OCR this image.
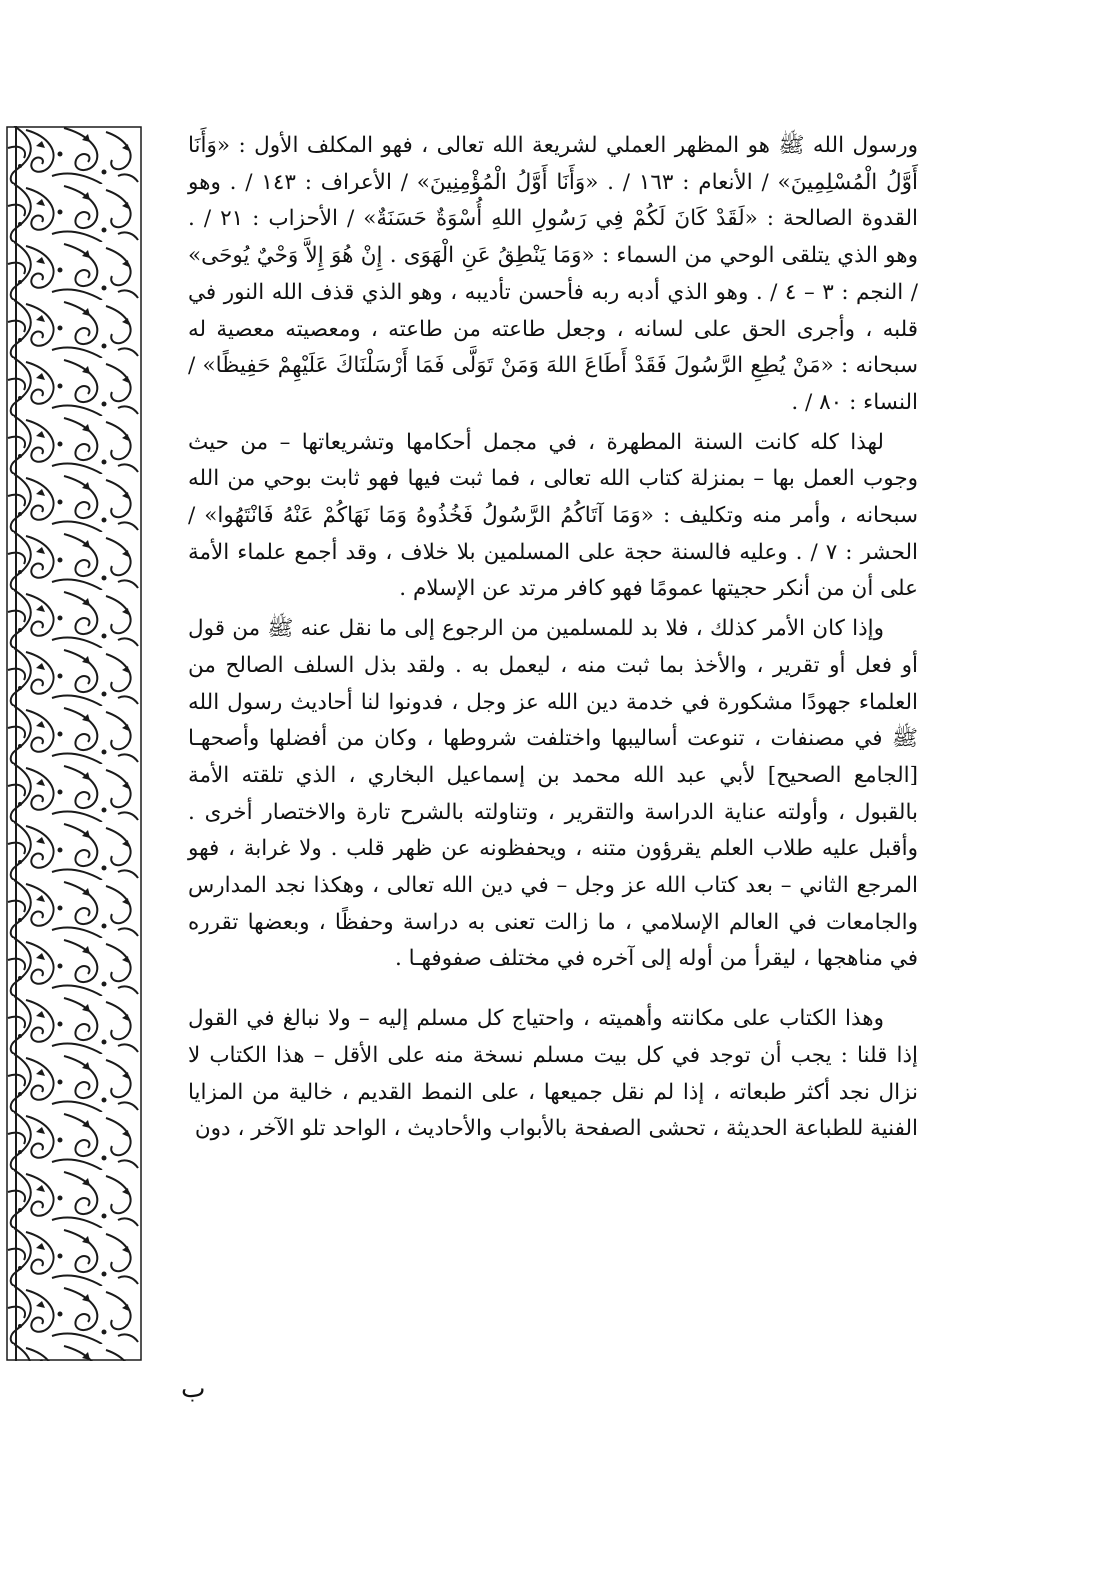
ورسول الله ﷺ هو المظهر العملي لشريعة الله تعالى ، فهو المكلف الأول : «وَأَنَا أَوَّلُ الْمُسْلِمِينَ» / الأنعام : ١٦٣ / . «وَأَنَا أَوَّلُ الْمُؤْمِنِينَ» / الأعراف : ١٤٣ / . وهو القدوة الصالحة : «لَقَدْ كَانَ لَكُمْ فِي رَسُولِ اللهِ أُسْوَةٌ حَسَنَةٌ» / الأحزاب : ٢١ / . وهو الذي يتلقى الوحي من السماء : «وَمَا يَنْطِقُ عَنِ الْهَوَى . إِنْ هُوَ إِلاَّ وَحْيٌ يُوحَى» / النجم : ٣ – ٤ / . وهو الذي أدبه ربه فأحسن تأديبه ، وهو الذي قذف الله النور في قلبه ، وأجرى الحق على لسانه ، وجعل طاعته من طاعته ، ومعصيته معصية له سبحانه : «مَنْ يُطِعِ الرَّسُولَ فَقَدْ أَطَاعَ اللهَ وَمَنْ تَوَلَّى فَمَا أَرْسَلْنَاكَ عَلَيْهِمْ حَفِيظًا» / النساء : ٨٠ / .

لهذا كله كانت السنة المطهرة ، في مجمل أحكامها وتشريعاتها – من حيث وجوب العمل بها – بمنزلة كتاب الله تعالى ، فما ثبت فيها فهو ثابت بوحي من الله سبحانه ، وأمر منه وتكليف : «وَمَا آتَاكُمُ الرَّسُولُ فَخُذُوهُ وَمَا نَهَاكُمْ عَنْهُ فَانْتَهُوا» / الحشر : ٧ / . وعليه فالسنة حجة على المسلمين بلا خلاف ، وقد أجمع علماء الأمة على أن من أنكر حجيتها عمومًا فهو كافر مرتد عن الإسلام .

وإذا كان الأمر كذلك ، فلا بد للمسلمين من الرجوع إلى ما نقل عنه ﷺ من قول أو فعل أو تقرير ، والأخذ بما ثبت منه ، ليعمل به . ولقد بذل السلف الصالح من العلماء جهودًا مشكورة في خدمة دين الله عز وجل ، فدونوا لنا أحاديث رسول الله ﷺ في مصنفات ، تنوعت أساليبها واختلفت شروطها ، وكان من أفضلها وأصحهـا [الجامع الصحيح] لأبي عبد الله محمد بن إسماعيل البخاري ، الذي تلقته الأمة بالقبول ، وأولته عناية الدراسة والتقرير ، وتناولته بالشرح تارة والاختصار أخرى . وأقبل عليه طلاب العلم يقرؤون متنه ، ويحفظونه عن ظهر قلب . ولا غرابة ، فهو المرجع الثاني – بعد كتاب الله عز وجل – في دين الله تعالى ، وهكذا نجد المدارس والجامعات في العالم الإسلامي ، ما زالت تعنى به دراسة وحفظًا ، وبعضها تقرره في مناهجها ، ليقرأ من أوله إلى آخره في مختلف صفوفهـا .

وهذا الكتاب على مكانته وأهميته ، واحتياج كل مسلم إليه – ولا نبالغ في القول إذا قلنا : يجب أن توجد في كل بيت مسلم نسخة منه على الأقل – هذا الكتاب لا نزال نجد أكثر طبعاته ، إذا لم نقل جميعها ، على النمط القديم ، خالية من المزايا الفنية للطباعة الحديثة ، تحشى الصفحة بالأبواب والأحاديث ، الواحد تلو الآخر ، دون

ب
